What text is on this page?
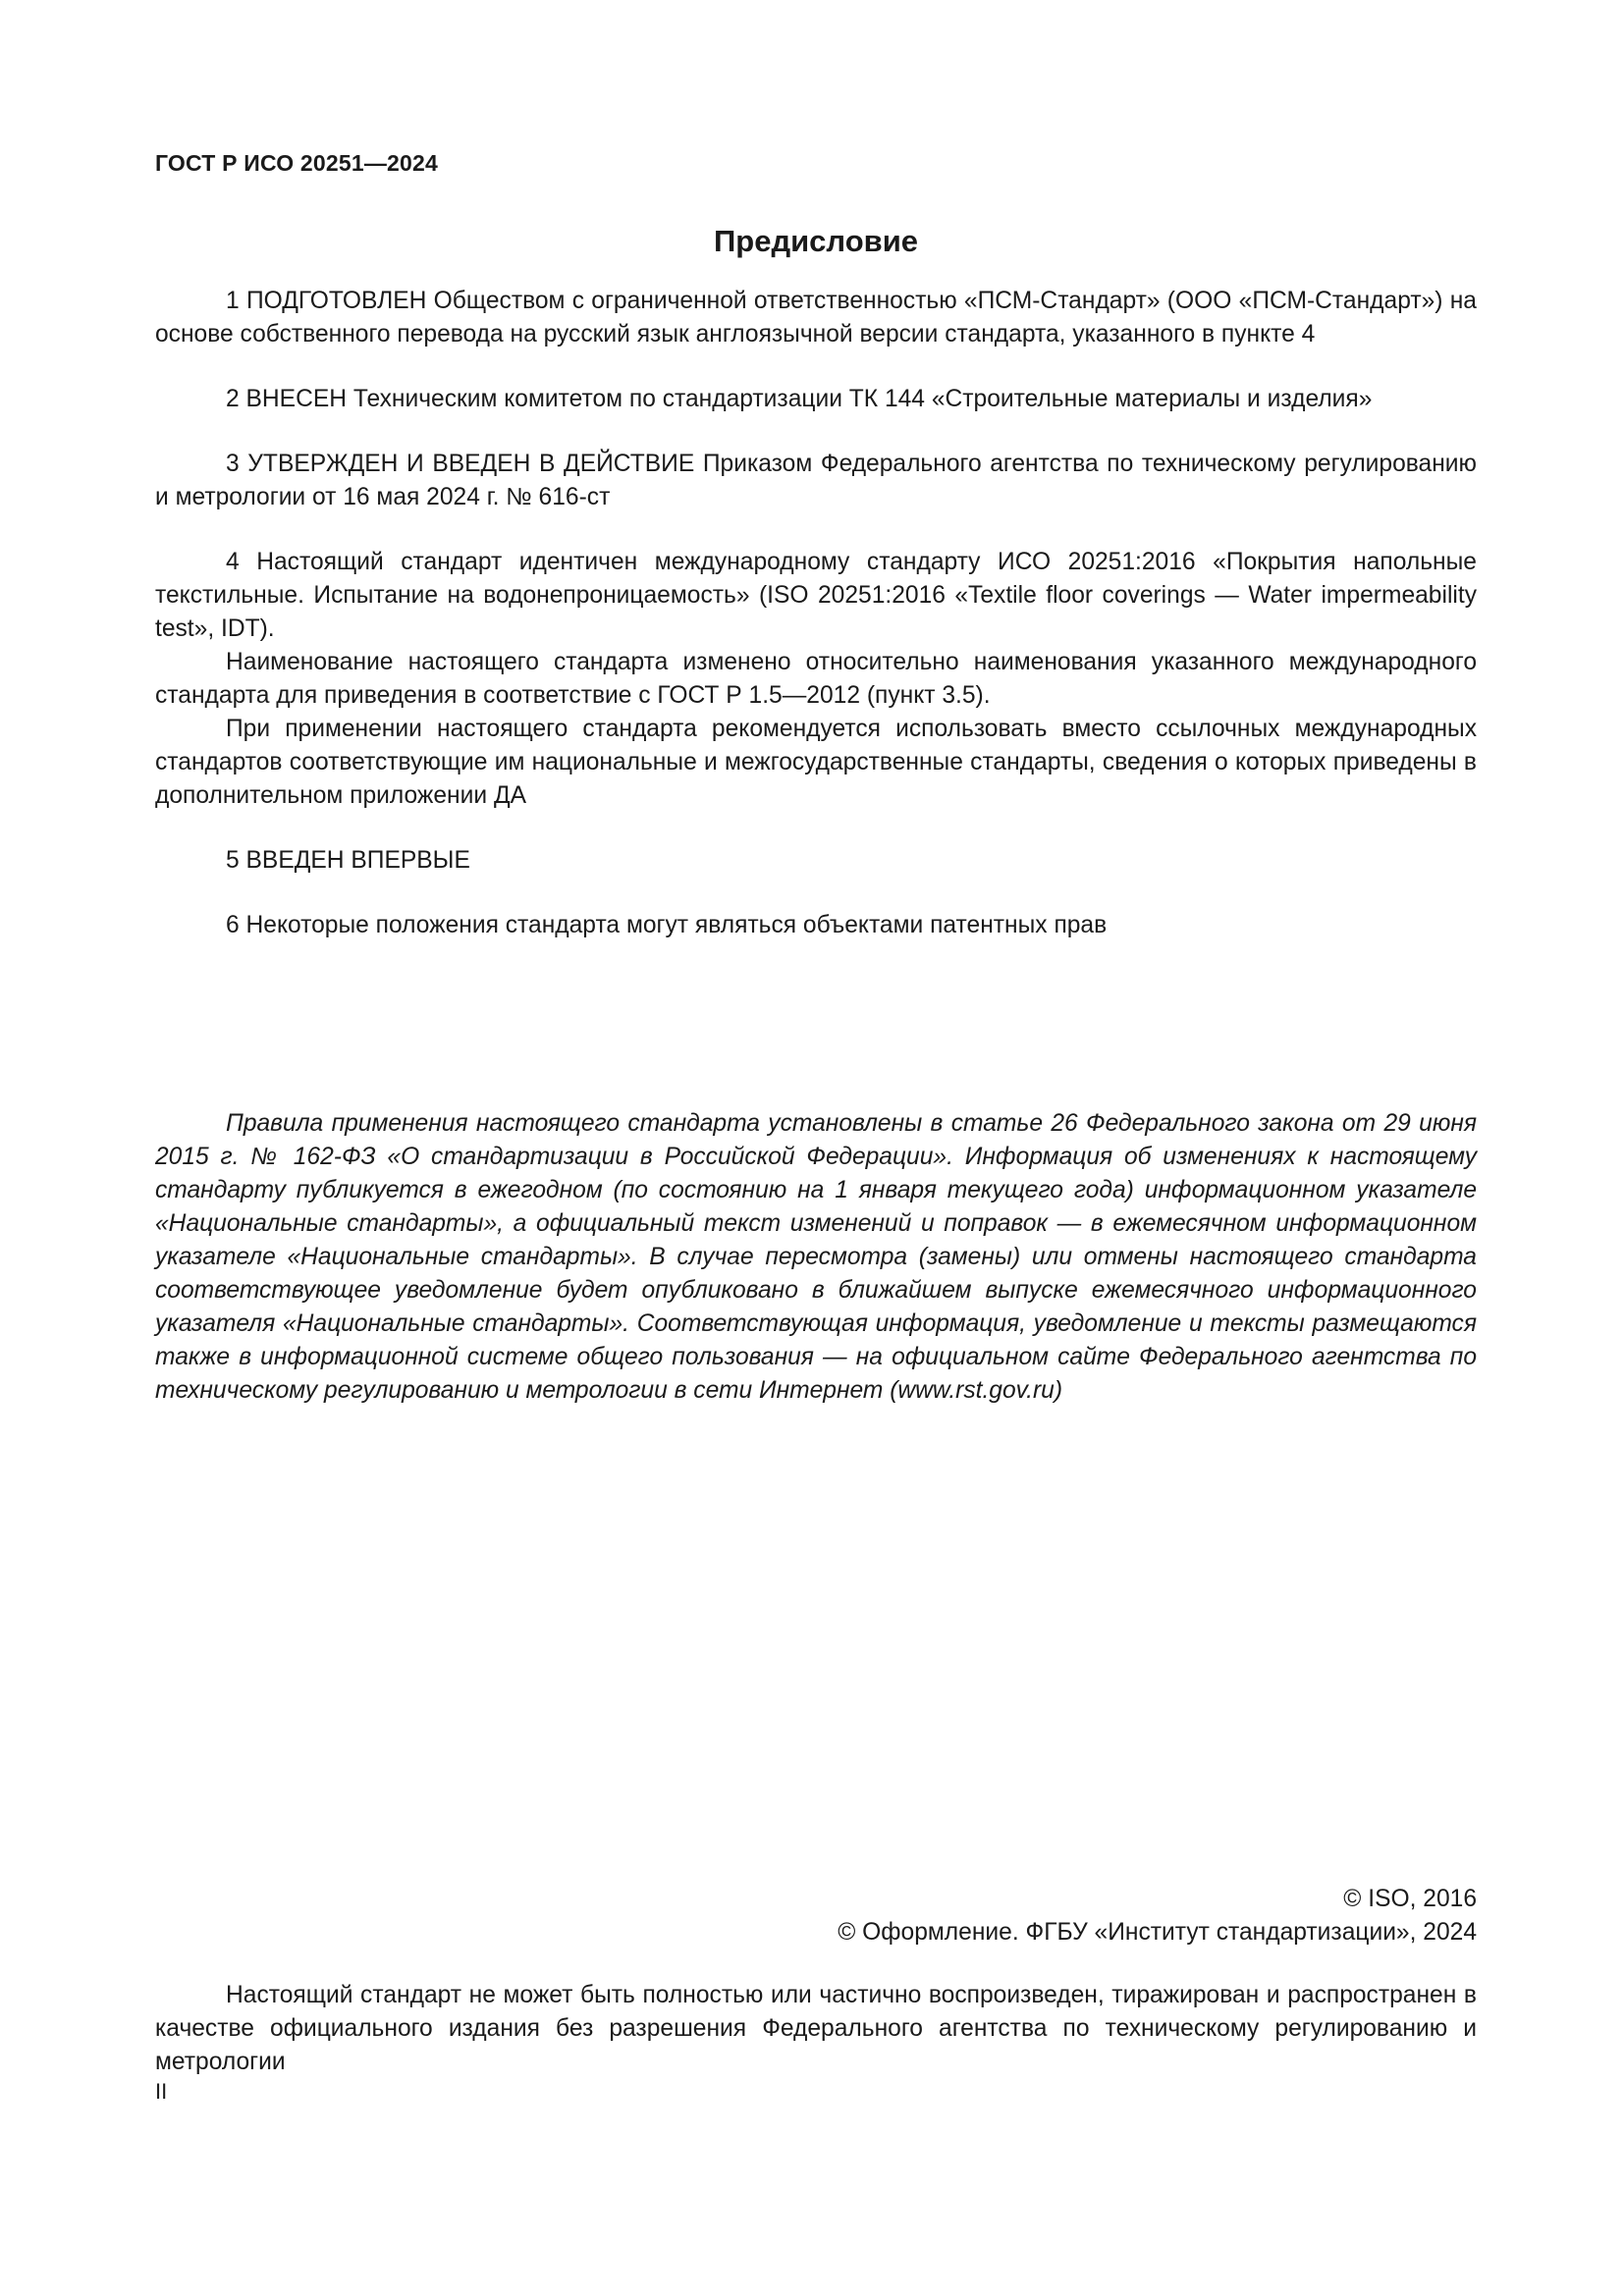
ГОСТ Р ИСО 20251—2024
Предисловие

1 ПОДГОТОВЛЕН Обществом с ограниченной ответственностью «ПСМ-Стандарт» (ООО «ПСМ-Стандарт») на основе собственного перевода на русский язык англоязычной версии стандарта, указанного в пункте 4

2 ВНЕСЕН Техническим комитетом по стандартизации ТК 144 «Строительные материалы и изделия»

3 УТВЕРЖДЕН И ВВЕДЕН В ДЕЙСТВИЕ Приказом Федерального агентства по техническому регулированию и метрологии от 16 мая 2024 г. № 616-ст

4 Настоящий стандарт идентичен международному стандарту ИСО 20251:2016 «Покрытия напольные текстильные. Испытание на водонепроницаемость» (ISO 20251:2016 «Textile floor coverings — Water impermeability test», IDT).

Наименование настоящего стандарта изменено относительно наименования указанного международного стандарта для приведения в соответствие с ГОСТ Р 1.5—2012 (пункт 3.5).

При применении настоящего стандарта рекомендуется использовать вместо ссылочных международных стандартов соответствующие им национальные и межгосударственные стандарты, сведения о которых приведены в дополнительном приложении ДА

5 ВВЕДЕН ВПЕРВЫЕ

6 Некоторые положения стандарта могут являться объектами патентных прав

Правила применения настоящего стандарта установлены в статье 26 Федерального закона от 29 июня 2015 г. № 162-ФЗ «О стандартизации в Российской Федерации». Информация об изменениях к настоящему стандарту публикуется в ежегодном (по состоянию на 1 января текущего года) информационном указателе «Национальные стандарты», а официальный текст изменений и поправок — в ежемесячном информационном указателе «Национальные стандарты». В случае пересмотра (замены) или отмены настоящего стандарта соответствующее уведомление будет опубликовано в ближайшем выпуске ежемесячного информационного указателя «Национальные стандарты». Соответствующая информация, уведомление и тексты размещаются также в информационной системе общего пользования — на официальном сайте Федерального агентства по техническому регулированию и метрологии в сети Интернет (www.rst.gov.ru)
© ISO, 2016
© Оформление. ФГБУ «Институт стандартизации», 2024
Настоящий стандарт не может быть полностью или частично воспроизведен, тиражирован и распространен в качестве официального издания без разрешения Федерального агентства по техническому регулированию и метрологии
II
